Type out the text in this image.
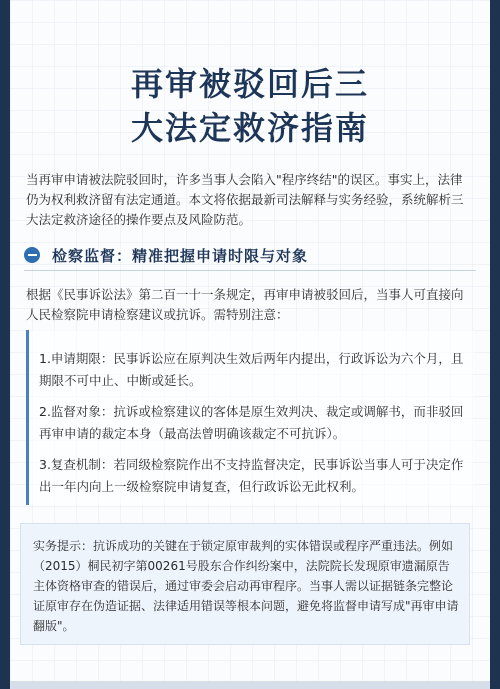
再审被驳回后三
大法定救济指南

当再审申请被法院驳回时，许多当事人会陷入"程序终结"的误区。事实上，法律仍为权利救济留有法定通道。本文将依据最新司法解释与实务经验，系统解析三大法定救济途径的操作要点及风险防范。

检察监督：精准把握申请时限与对象

根据《民事诉讼法》第二百一十一条规定，再审申请被驳回后，当事人可直接向人民检察院申请检察建议或抗诉。需特别注意：

1.申请期限：民事诉讼应在原判决生效后两年内提出，行政诉讼为六个月，且期限不可中止、中断或延长。

2.监督对象：抗诉或检察建议的客体是原生效判决、裁定或调解书，而非驳回再审申请的裁定本身（最高法曾明确该裁定不可抗诉）。

3.复查机制：若同级检察院作出不支持监督决定，民事诉讼当事人可于决定作出一年内向上一级检察院申请复查，但行政诉讼无此权利。

实务提示：抗诉成功的关键在于锁定原审裁判的实体错误或程序严重违法。例如（2015）桐民初字第00261号股东合作纠纷案中，法院院长发现原审遗漏原告主体资格审查的错误后，通过审委会启动再审程序。当事人需以证据链条完整论证原审存在伪造证据、法律适用错误等根本问题，避免将监督申请写成"再审申请翻版"。
